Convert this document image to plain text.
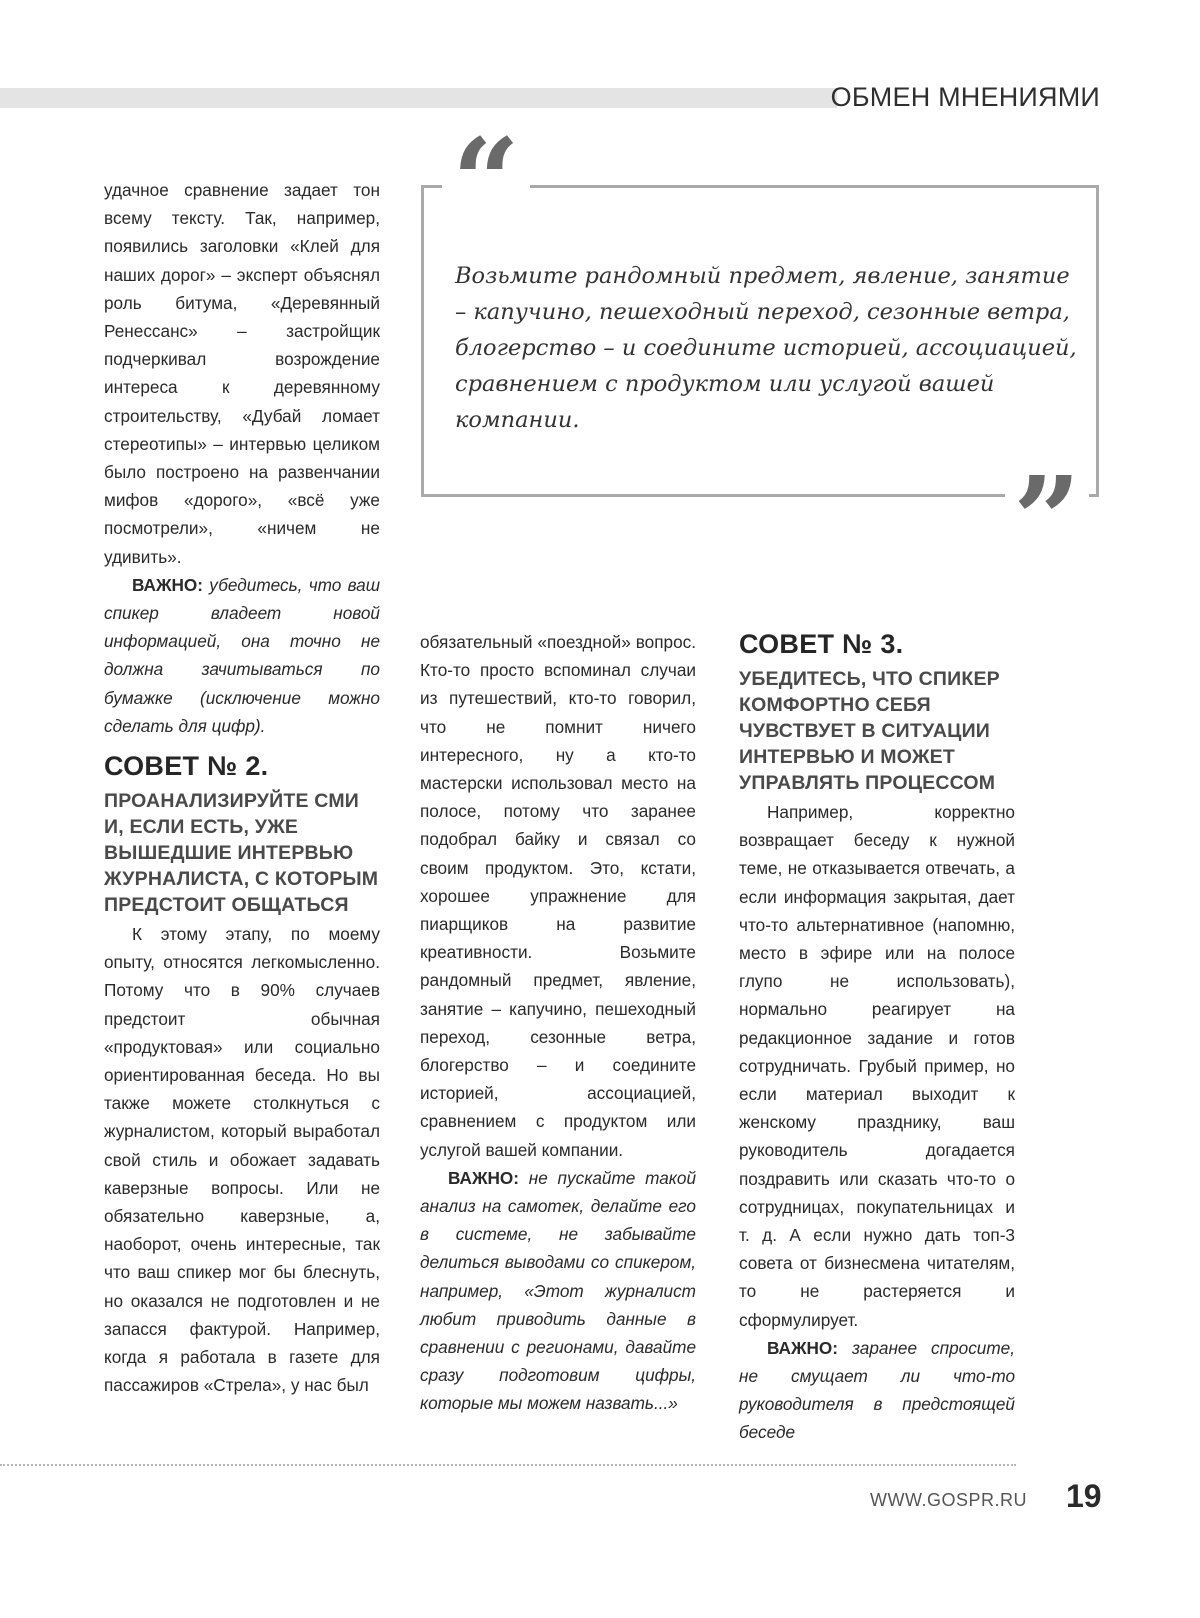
ОБМЕН МНЕНИЯМИ

удачное сравнение задает тон всему тексту. Так, например, появились заголовки «Клей для наших дорог» – эксперт объяснял роль битума, «Деревянный Ренессанс» – застройщик подчеркивал возрождение интереса к деревянному строительству, «Дубай ломает стереотипы» – интервью целиком было построено на развенчании мифов «дорого», «всё уже посмотрели», «ничем не удивить».

ВАЖНО: убедитесь, что ваш спикер владеет новой информацией, она точно не должна зачитываться по бумажке (исключение можно сделать для цифр).

“
”
Возьмите рандомный предмет, явление, занятие – капучино, пешеходный переход, сезонные ветра, блогерство – и соедините историей, ассоциацией, сравнением с продуктом или услугой вашей компании.
СОВЕТ № 2.
ПРОАНАЛИЗИРУЙТЕ СМИ И, ЕСЛИ ЕСТЬ, УЖЕ ВЫШЕДШИЕ ИНТЕРВЬЮ ЖУРНАЛИСТА, С КОТОРЫМ ПРЕДСТОИТ ОБЩАТЬСЯ

К этому этапу, по моему опыту, относятся легкомысленно. Потому что в 90% случаев предстоит обычная «продуктовая» или социально ориентированная беседа. Но вы также можете столкнуться с журналистом, который выработал свой стиль и обожает задавать каверзные вопросы. Или не обязательно каверзные, а, наоборот, очень интересные, так что ваш спикер мог бы блеснуть, но оказался не подготовлен и не запасся фактурой. Например, когда я работала в газете для пассажиров «Стрела», у нас был

обязательный «поездной» вопрос. Кто-то просто вспоминал случаи из путешествий, кто-то говорил, что не помнит ничего интересного, ну а кто-то мастерски использовал место на полосе, потому что заранее подобрал байку и связал со своим продуктом. Это, кстати, хорошее упражнение для пиарщиков на развитие креативности. Возьмите рандомный предмет, явление, занятие – капучино, пешеходный переход, сезонные ветра, блогерство – и соедините историей, ассоциацией, сравнением с продуктом или услугой вашей компании.

ВАЖНО: не пускайте такой анализ на самотек, делайте его в системе, не забывайте делиться выводами со спикером, например, «Этот журналист любит приводить данные в сравнении с регионами, давайте сразу подготовим цифры, которые мы можем назвать...»

СОВЕТ № 3.
УБЕДИТЕСЬ, ЧТО СПИКЕР КОМФОРТНО СЕБЯ ЧУВСТВУЕТ В СИТУАЦИИ ИНТЕРВЬЮ И МОЖЕТ УПРАВЛЯТЬ ПРОЦЕССОМ

Например, корректно возвращает беседу к нужной теме, не отказывается отвечать, а если информация закрытая, дает что-то альтернативное (напомню, место в эфире или на полосе глупо не использовать), нормально реагирует на редакционное задание и готов сотрудничать. Грубый пример, но если материал выходит к женскому празднику, ваш руководитель догадается поздравить или сказать что-то о сотрудницах, покупательницах и т. д. А если нужно дать топ-3 совета от бизнесмена читателям, то не растеряется и сформулирует.

ВАЖНО: заранее спросите, не смущает ли что-то руководителя в предстоящей беседе

WWW.GOSPR.RU 19
